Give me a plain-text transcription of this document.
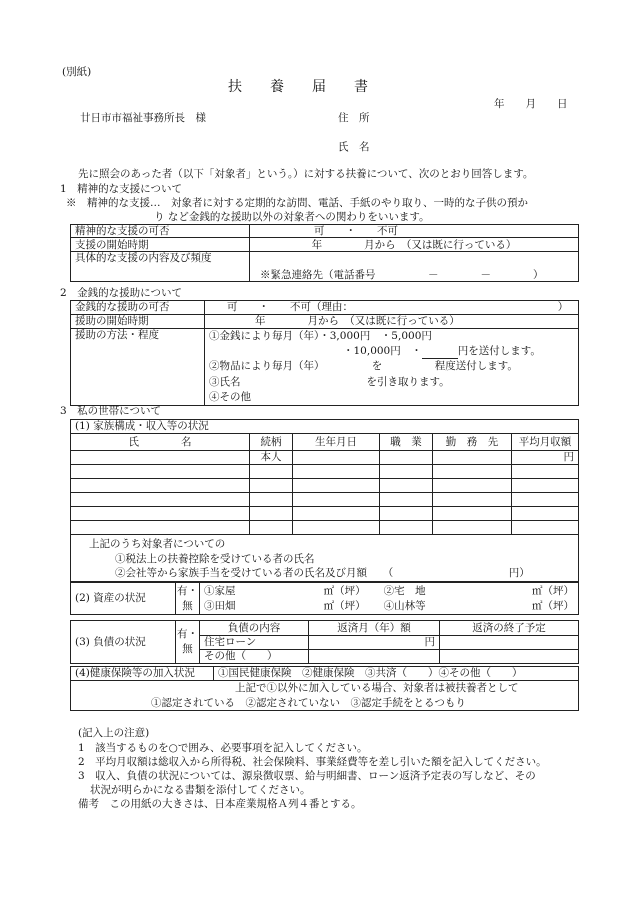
(別紙)
扶　　養　　届　　書
年　　月　　日
廿日市市福祉事務所長　様	住　所
氏　名
先に照会のあった者（以下「対象者」という。）に対する扶養について、次のとおり回答します。
1　精神的な支援について
※　精神的な支援…　対象者に対する定期的な訪問、電話、手紙のやり取り、一時的な子供の預か
り など金銭的な援助以外の対象者への関わりをいいます。
精神的な支援の可否	可　　・　　不可
支援の開始時期	年　　　　月から　（又は既に行っている）
具体的な支援の内容及び頻度	※緊急連絡先（電話番号　　　　　－　　　　－　　　　）
2　金銭的な援助について
金銭的な援助の可否	可　　・　　不可（理由：　　　　　　　　　　　　　　　　　　　　）
援助の開始時期	年　　　　月から　（又は既に行っている）
援助の方法・程度	①金銭により毎月（年）・3,000円　・5,000円
・10,000円　・ 円を送付します。
②物品により毎月（年）　　　　　を　　　　　程度送付します。
③氏名　　　　　　　　　　　　を引き取ります。
④その他
3　私の世帯について
(1) 家族構成・収入等の状況					
氏　　　　名	続柄	生年月日	職　業	勤　務　先	平均月収額
	本人				円

上記のうち対象者についての
①税法上の扶養控除を受けている者の氏名
②会社等から家族手当を受けている者の氏名及び月額　　（　　　　　　　　　　　円）					
(2) 資産の状況	有・無	①家屋	㎡（坪）	②宅　地	㎡（坪）
		③田畑	㎡（坪）	④山林等	㎡（坪）
(3) 負債の状況	有・無	負債の内容	返済月（年）額	返済の終了予定
		住宅ローン	円	
		その他（　　）		
(4)健康保険等の加入状況	①国民健康保険　②健康保険　③共済（　　）④その他（　　）

上記で①以外に加入している場合、対象者は被扶養者として
①認定されている　②認定されていない　③認定手続をとるつもり
(記入上の注意)
1　該当するものを○で囲み、必要事項を記入してください。
2　平均月収額は総収入から所得税、社会保険料、事業経費等を差し引いた額を記入してください。
3　収入、負債の状況については、源泉徴収票、給与明細書、ローン返済予定表の写しなど、その
状況が明らかになる書類を添付してください。
備考　この用紙の大きさは、日本産業規格Ａ列４番とする。
